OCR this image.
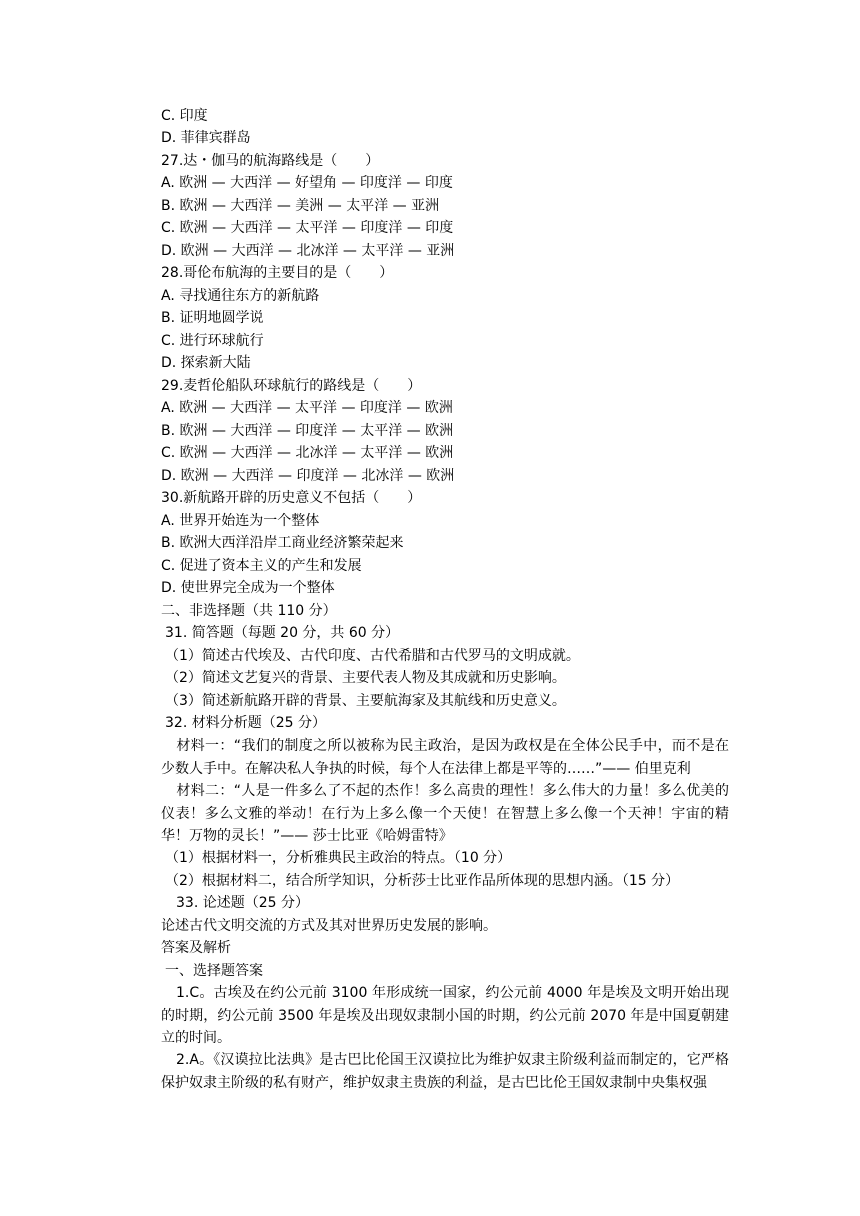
C. 印度
D. 菲律宾群岛
27.达・伽马的航海路线是（　　）
A. 欧洲 — 大西洋 — 好望角 — 印度洋 — 印度
B. 欧洲 — 大西洋 — 美洲 — 太平洋 — 亚洲
C. 欧洲 — 大西洋 — 太平洋 — 印度洋 — 印度
D. 欧洲 — 大西洋 — 北冰洋 — 太平洋 — 亚洲
28.哥伦布航海的主要目的是（　　）
A. 寻找通往东方的新航路
B. 证明地圆学说
C. 进行环球航行
D. 探索新大陆
29.麦哲伦船队环球航行的路线是（　　）
A. 欧洲 — 大西洋 — 太平洋 — 印度洋 — 欧洲
B. 欧洲 — 大西洋 — 印度洋 — 太平洋 — 欧洲
C. 欧洲 — 大西洋 — 北冰洋 — 太平洋 — 欧洲
D. 欧洲 — 大西洋 — 印度洋 — 北冰洋 — 欧洲
30.新航路开辟的历史意义不包括（　　）
A. 世界开始连为一个整体
B. 欧洲大西洋沿岸工商业经济繁荣起来
C. 促进了资本主义的产生和发展
D. 使世界完全成为一个整体
二、非选择题（共 110 分）
31. 简答题（每题 20 分，共 60 分）
（1）简述古代埃及、古代印度、古代希腊和古代罗马的文明成就。
（2）简述文艺复兴的背景、主要代表人物及其成就和历史影响。
（3）简述新航路开辟的背景、主要航海家及其航线和历史意义。
32. 材料分析题（25 分）
材料一：“我们的制度之所以被称为民主政治，是因为政权是在全体公民手中，而不是在少数人手中。在解决私人争执的时候，每个人在法律上都是平等的……”—— 伯里克利
材料二：“人是一件多么了不起的杰作！多么高贵的理性！多么伟大的力量！多么优美的仪表！多么文雅的举动！在行为上多么像一个天使！在智慧上多么像一个天神！宇宙的精华！万物的灵长！”—— 莎士比亚《哈姆雷特》
（1）根据材料一，分析雅典民主政治的特点。（10 分）
（2）根据材料二，结合所学知识，分析莎士比亚作品所体现的思想内涵。（15 分）
33. 论述题（25 分）
论述古代文明交流的方式及其对世界历史发展的影响。
答案及解析
一、选择题答案
1.C。古埃及在约公元前 3100 年形成统一国家，约公元前 4000 年是埃及文明开始出现的时期，约公元前 3500 年是埃及出现奴隶制小国的时期，约公元前 2070 年是中国夏朝建立的时间。
2.A。《汉谟拉比法典》是古巴比伦国王汉谟拉比为维护奴隶主阶级利益而制定的，它严格保护奴隶主阶级的私有财产，维护奴隶主贵族的利益，是古巴比伦王国奴隶制中央集权强
